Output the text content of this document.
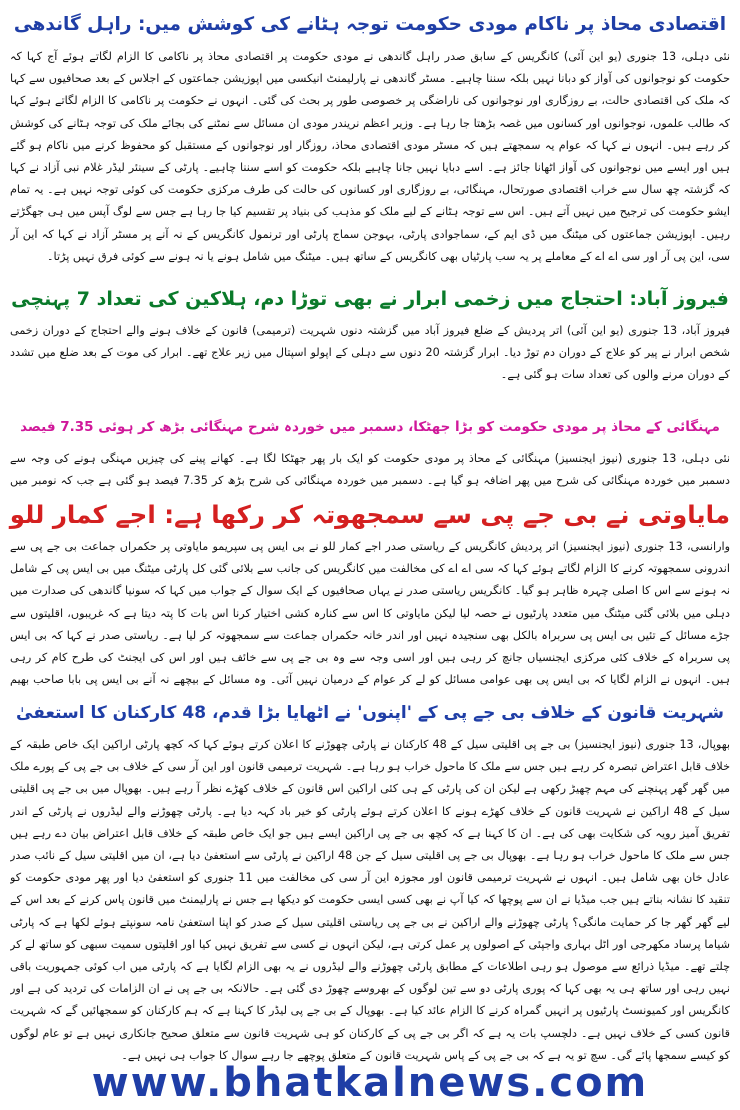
اقتصادی محاذ پر ناکام مودی حکومت توجہ ہٹانے کی کوشش میں: راہل گاندھی

نئی دہلی، 13 جنوری (یو این آئی) کانگریس کے سابق صدر راہل گاندھی نے مودی حکومت پر اقتصادی محاذ پر ناکامی کا الزام لگاتے ہوئے آج کہا کہ حکومت کو نوجوانوں کی آواز کو دبانا نہیں بلکہ سننا چاہیے۔ مسٹر گاندھی نے پارلیمنٹ انیکسی میں اپوزیشن جماعتوں کے اجلاس کے بعد صحافیوں سے کہا کہ ملک کی اقتصادی حالت، بے روزگاری اور نوجوانوں کی ناراضگی پر خصوصی طور پر بحث کی گئی۔ انہوں نے حکومت پر ناکامی کا الزام لگاتے ہوئے کہا کہ طالب علموں، نوجوانوں اور کسانوں میں غصہ بڑھتا جا رہا ہے۔ وزیر اعظم نریندر مودی ان مسائل سے نمٹنے کی بجائے ملک کی توجہ ہٹانے کی کوشش کر رہے ہیں۔ انہوں نے کہا کہ عوام یہ سمجھتے ہیں کہ مسٹر مودی اقتصادی محاذ، روزگار اور نوجوانوں کے مستقبل کو محفوظ کرنے میں ناکام ہو گئے ہیں اور ایسے میں نوجوانوں کی آواز اٹھانا جائز ہے۔ اسے دبایا نہیں جانا چاہیے بلکہ حکومت کو اسے سننا چاہیے۔ پارٹی کے سینئر لیڈر غلام نبی آزاد نے کہا کہ گزشتہ چھ سال سے خراب اقتصادی صورتحال، مہنگائی، بے روزگاری اور کسانوں کی حالت کی طرف مرکزی حکومت کی کوئی توجہ نہیں ہے۔ یہ تمام ایشو حکومت کی ترجیح میں نہیں آتے ہیں۔ اس سے توجہ ہٹانے کے لیے ملک کو مذہب کی بنیاد پر تقسیم کیا جا رہا ہے جس سے لوگ آپس میں ہی جھگڑتے رہیں۔ اپوزیشن جماعتوں کی میٹنگ میں ڈی ایم کے، سماجوادی پارٹی، بہوجن سماج پارٹی اور ترنمول کانگریس کے نہ آنے پر مسٹر آزاد نے کہا کہ این آر سی، این پی آر اور سی اے اے کے معاملے پر یہ سب پارٹیاں بھی کانگریس کے ساتھ ہیں۔ میٹنگ میں شامل ہونے یا نہ ہونے سے کوئی فرق نہیں پڑتا۔

فیروز آباد: احتجاج میں زخمی ابرار نے بھی توڑا دم، ہلاکین کی تعداد 7 پہنچی

فیروز آباد، 13 جنوری (یو این آئی) اتر پردیش کے ضلع فیروز آباد میں گزشتہ دنوں شہریت (ترمیمی) قانون کے خلاف ہونے والے احتجاج کے دوران زخمی شخص ابرار نے پیر کو علاج کے دوران دم توڑ دیا۔ ابرار گزشتہ 20 دنوں سے دہلی کے اپولو اسپتال میں زیر علاج تھے۔ ابرار کی موت کے بعد ضلع میں تشدد کے دوران مرنے والوں کی تعداد سات ہو گئی ہے۔

مہنگائی کے محاذ پر مودی حکومت کو بڑا جھٹکا، دسمبر میں خوردہ شرح مہنگائی بڑھ کر ہوئی 7.35 فیصد

نئی دہلی، 13 جنوری (نیوز ایجنسیز) مہنگائی کے محاذ پر مودی حکومت کو ایک بار پھر جھٹکا لگا ہے۔ کھانے پینے کی چیزیں مہنگی ہونے کی وجہ سے دسمبر میں خوردہ مہنگائی کی شرح میں پھر اضافہ ہو گیا ہے۔ دسمبر میں خوردہ مہنگائی کی شرح بڑھ کر 7.35 فیصد ہو گئی ہے جب کہ نومبر میں

مایاوتی نے بی جے پی سے سمجھوتہ کر رکھا ہے: اجے کمار للو

وارانسی، 13 جنوری (نیوز ایجنسیز) اتر پردیش کانگریس کے ریاستی صدر اجے کمار للو نے بی ایس پی سپریمو مایاوتی پر حکمراں جماعت بی جے پی سے اندرونی سمجھوتہ کرنے کا الزام لگاتے ہوئے کہا کہ سی اے اے کی مخالفت میں کانگریس کی جانب سے بلائی گئی کل پارٹی میٹنگ میں بی ایس پی کے شامل نہ ہونے سے اس کا اصلی چہرہ ظاہر ہو گیا۔ کانگریس ریاستی صدر نے یہاں صحافیوں کے ایک سوال کے جواب میں کہا کہ سونیا گاندھی کی صدارت میں دہلی میں بلائی گئی میٹنگ میں متعدد پارٹیوں نے حصہ لیا لیکن مایاوتی کا اس سے کنارہ کشی اختیار کرنا اس بات کا پتہ دیتا ہے کہ غریبوں، اقلیتوں سے جڑے مسائل کے تئیں بی ایس پی سربراہ بالکل بھی سنجیدہ نہیں اور اندر خانہ حکمراں جماعت سے سمجھوتہ کر لیا ہے۔ ریاستی صدر نے کہا کہ بی ایس پی سربراہ کے خلاف کئی مرکزی ایجنسیاں جانچ کر رہی ہیں اور اسی وجہ سے وہ بی جے پی سے خائف ہیں اور اس کی ایجنٹ کی طرح کام کر رہی ہیں۔ انہوں نے الزام لگایا کہ بی ایس پی بھی عوامی مسائل کو لے کر عوام کے درمیان نہیں آئی۔ وہ مسائل کے بیچھے نہ آنے بی ایس پی بابا صاحب بھیم

شہریت قانون کے خلاف بی جے پی کے 'اپنوں' نے اٹھایا بڑا قدم، 48 کارکنان کا استعفیٰ

بھوپال، 13 جنوری (نیوز ایجنسیز) بی جے پی اقلیتی سیل کے 48 کارکنان نے پارٹی چھوڑنے کا اعلان کرتے ہوئے کہا کہ کچھ پارٹی اراکین ایک خاص طبقہ کے خلاف قابل اعتراض تبصرہ کر رہے ہیں جس سے ملک کا ماحول خراب ہو رہا ہے۔ شہریت ترمیمی قانون اور این آر سی کے خلاف بی جے پی کے پورے ملک میں گھر گھر پہنچنے کی مہم چھیڑ رکھی ہے لیکن ان کی پارٹی کے ہی کئی اراکین اس قانون کے خلاف کھڑے نظر آ رہے ہیں۔ بھوپال میں بی جے پی اقلیتی سیل کے 48 اراکین نے شہریت قانون کے خلاف کھڑے ہونے کا اعلان کرتے ہوئے پارٹی کو خیر باد کہہ دیا ہے۔ پارٹی چھوڑنے والے لیڈروں نے پارٹی کے اندر تفریق آمیز رویہ کی شکایت بھی کی ہے۔ ان کا کہنا ہے کہ کچھ بی جے پی اراکین ایسے ہیں جو ایک خاص طبقہ کے خلاف قابل اعتراض بیان دے رہے ہیں جس سے ملک کا ماحول خراب ہو رہا ہے۔ بھوپال بی جے پی اقلیتی سیل کے جن 48 اراکین نے پارٹی سے استعفیٰ دیا ہے، ان میں اقلیتی سیل کے نائب صدر عادل خان بھی شامل ہیں۔ انہوں نے شہریت ترمیمی قانون اور مجوزہ این آر سی کی مخالفت میں 11 جنوری کو استعفیٰ دیا اور پھر مودی حکومت کو تنقید کا نشانہ بناتے ہیں جب میڈیا نے ان سے پوچھا کہ کیا آپ نے بھی کسی ایسی حکومت کو دیکھا ہے جس نے پارلیمنٹ میں قانون پاس کرنے کے بعد اس کے لیے گھر گھر جا کر حمایت مانگی؟ پارٹی چھوڑنے والے اراکین نے بی جے پی ریاستی اقلیتی سیل کے صدر کو اپنا استعفیٰ نامہ سونپتے ہوئے لکھا ہے کہ پارٹی شیاما پرساد مکھرجی اور اٹل بہاری واجپئی کے اصولوں پر عمل کرتی ہے، لیکن انہوں نے کسی سے تفریق نہیں کیا اور اقلیتوں سمیت سبھی کو ساتھ لے کر چلتے تھے۔ میڈیا ذرائع سے موصول ہو رہی اطلاعات کے مطابق پارٹی چھوڑنے والے لیڈروں نے یہ بھی الزام لگایا ہے کہ پارٹی میں اب کوئی جمہوریت باقی نہیں رہی اور ساتھ ہی یہ بھی کہا کہ پوری پارٹی دو سے تین لوگوں کے بھروسے چھوڑ دی گئی ہے۔ حالانکہ بی جے پی نے ان الزامات کی تردید کی ہے اور کانگریس اور کمیونسٹ پارٹیوں پر انہیں گمراہ کرنے کا الزام عائد کیا ہے۔ بھوپال کے بی جے پی لیڈر کا کہنا ہے کہ ہم کارکنان کو سمجھائیں گے کہ شہریت قانون کسی کے خلاف نہیں ہے۔ دلچسپ بات یہ ہے کہ اگر بی جے پی کے کارکنان کو ہی شہریت قانون سے متعلق صحیح جانکاری نہیں ہے تو عام لوگوں کو کیسے سمجھا پائے گی۔ سچ تو یہ ہے کہ بی جے پی کے پاس شہریت قانون کے متعلق پوچھے جا رہے سوال کا جواب ہی نہیں ہے۔

www.bhatkalnews.com
